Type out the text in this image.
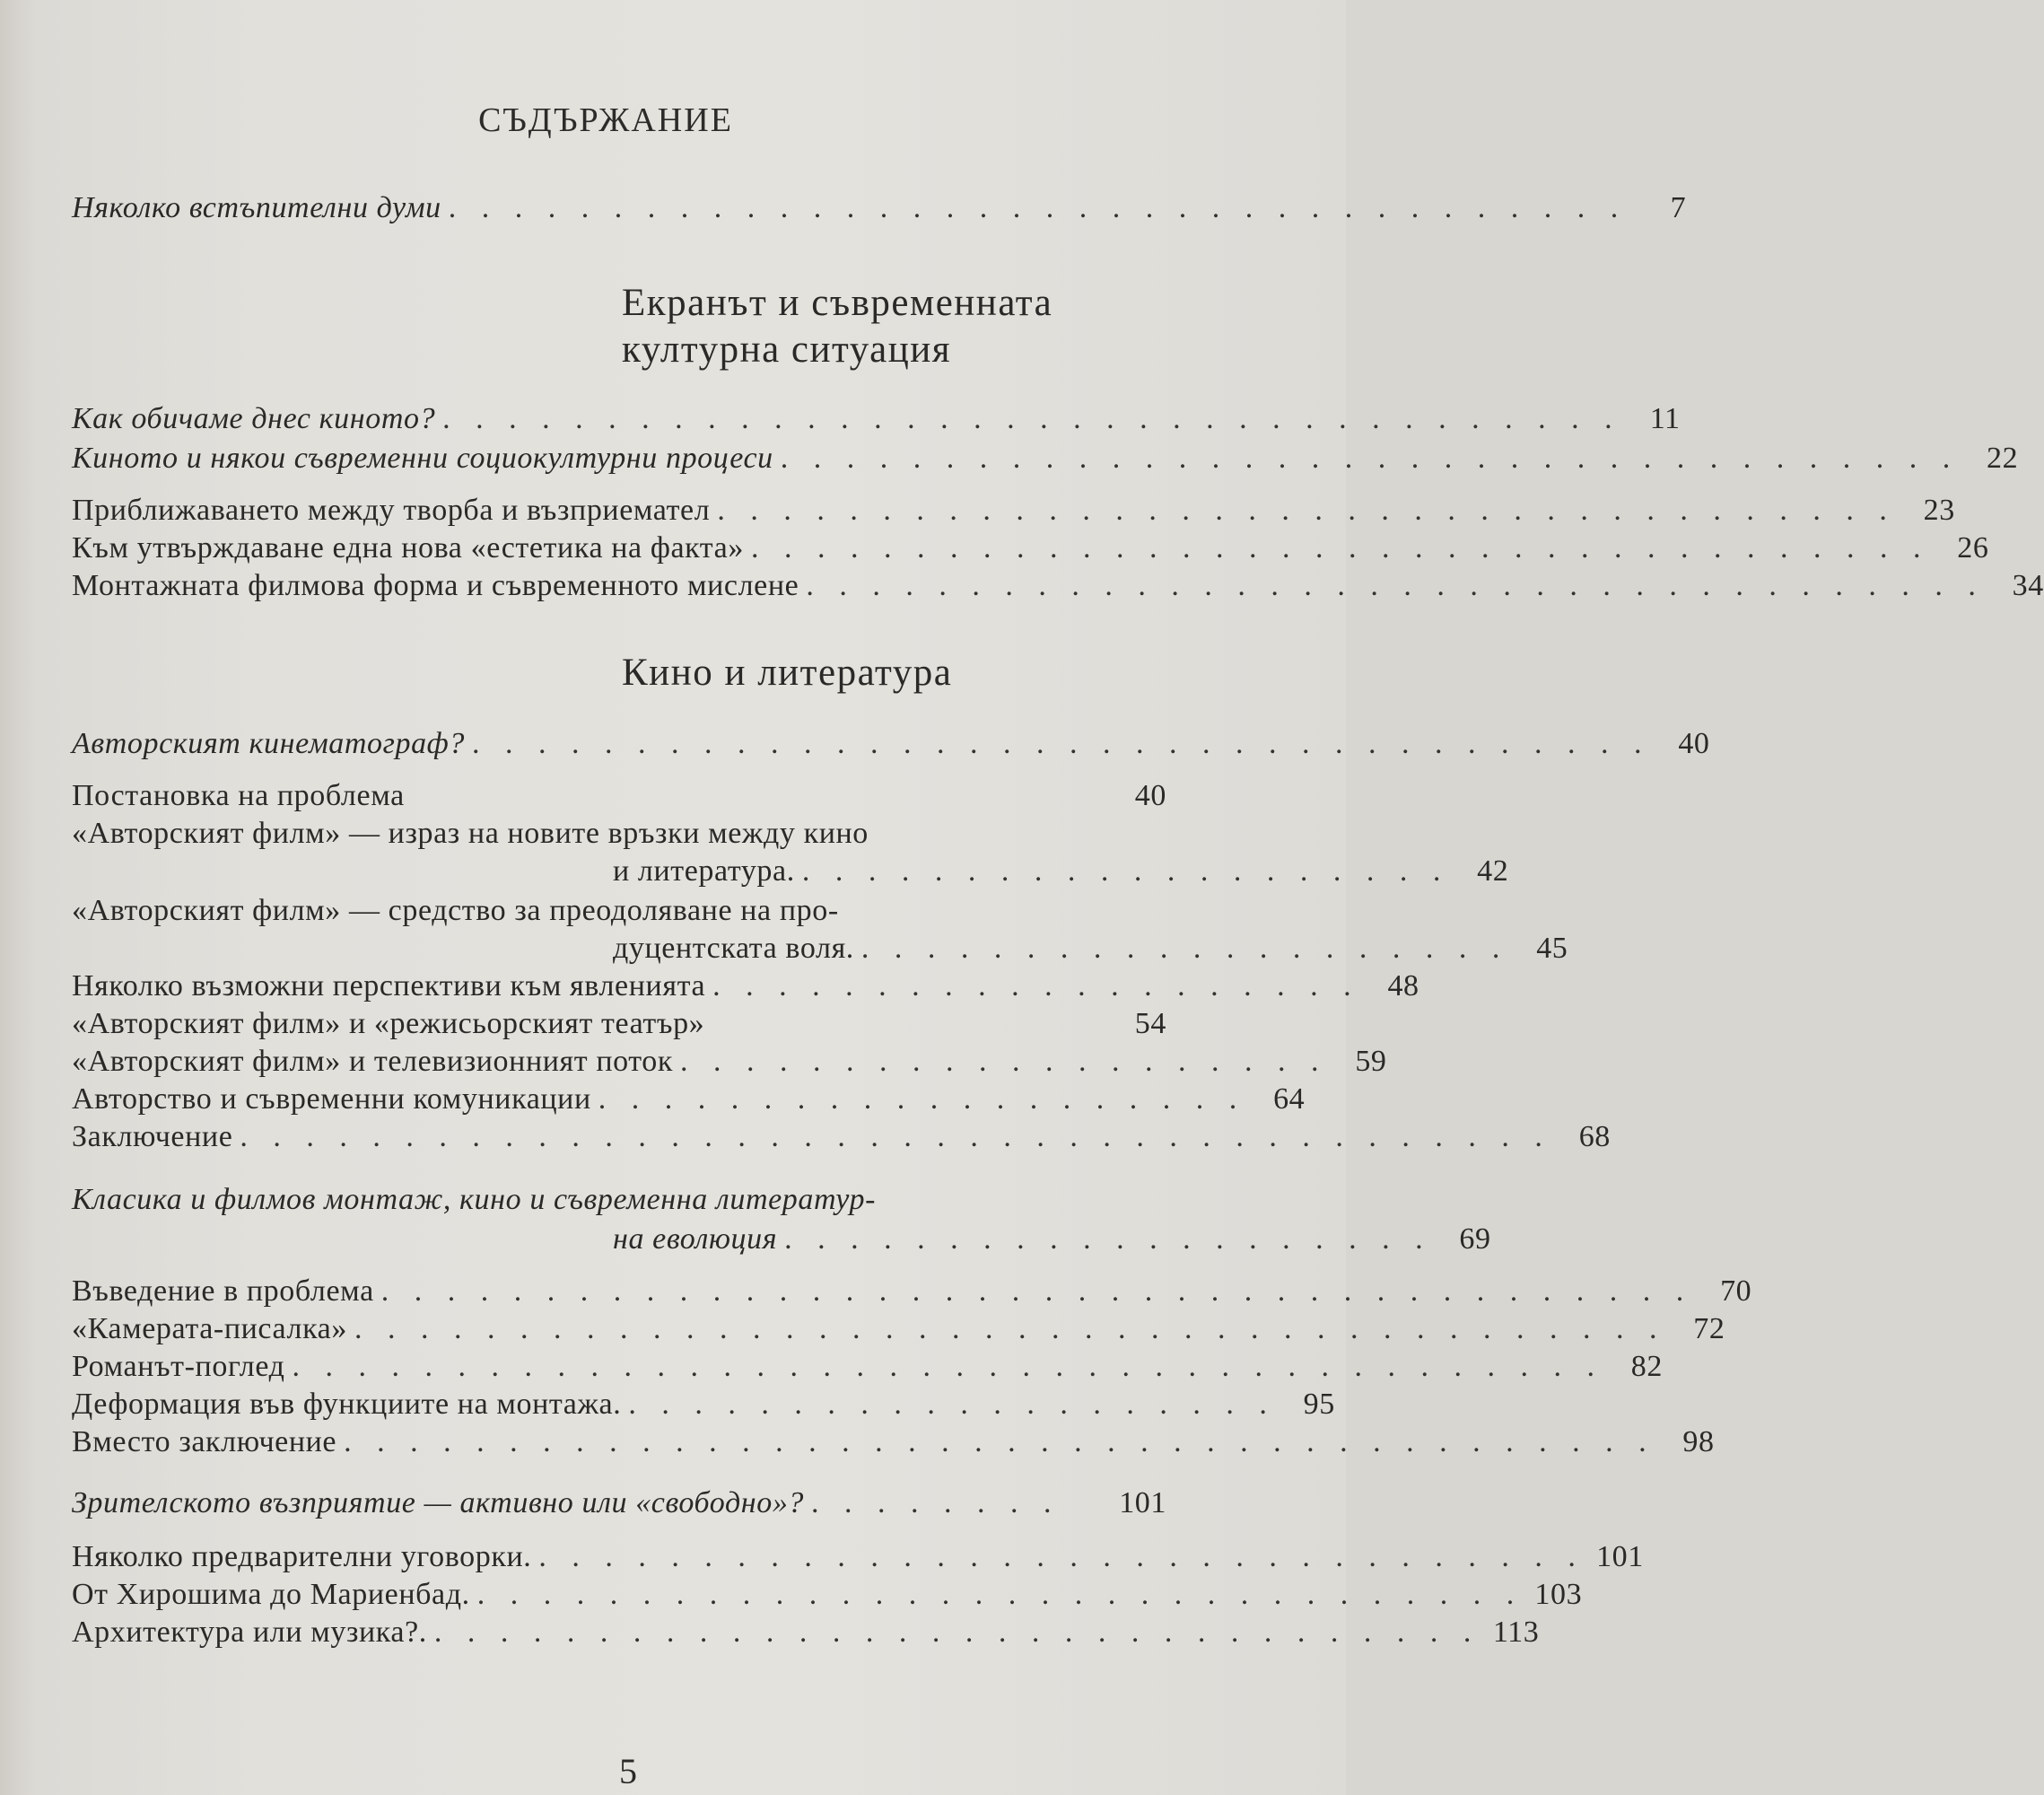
СЪДЪРЖАНИЕ
Няколко встъпителни думи . . . . . . . . . . . . . . . . . . . . . . . . . . . . . . . . . . . .	7
Екранът и съвременната
културна ситуация
Как обичаме днес киното? . . . . . . . . . . . . . . . . . . . . . . . . . . . . . . . . . . . . 11
Киното и някои съвременни социокултурни процеси . . . . . . . . . . . . . . . . . . . . . . . . . . . . . . . . . . . . 22
Приближаването между творба и възприемател . . . . . . . . . . . . . . . . . . . . . . . . . . . . . . . . . . . . 23
Към утвърждаване една нова «естетика на факта» . . . . . . . . . . . . . . . . . . . . . . . . . . . . . . . . . . . . 26
Монтажната филмова форма и съвременното мислене . . . . . . . . . . . . . . . . . . . . . . . . . . . . . . . . . . . . 34
Кино и литература
Авторският кинематограф? . . . . . . . . . . . . . . . . . . . . . . . . . . . . . . . . . . . . 40
Постановка на проблема	40
«Авторският филм» — израз на новите връзки между кино
и литература. . . . . . . . . . . . . . . . . . . . . 42
«Авторският филм» — средство за преодоляване на про-
дуцентската воля. . . . . . . . . . . . . . . . . . . . . 45
Няколко възможни перспективи към явленията . . . . . . . . . . . . . . . . . . . . 48
«Авторският филм» и «режисьорският театър»	54
«Авторският филм» и телевизионният поток . . . . . . . . . . . . . . . . . . . . 59
Авторство и съвременни комуникации . . . . . . . . . . . . . . . . . . . . 64
Заключение . . . . . . . . . . . . . . . . . . . . . . . . . . . . . . . . . . . . . . . . 68
Класика и филмов монтаж, кино и съвременна литератур-
на еволюция . . . . . . . . . . . . . . . . . . . . 69
Въведение в проблема . . . . . . . . . . . . . . . . . . . . . . . . . . . . . . . . . . . . . . . . 70
«Камерата-писалка» . . . . . . . . . . . . . . . . . . . . . . . . . . . . . . . . . . . . . . . . 72
Романът-поглед . . . . . . . . . . . . . . . . . . . . . . . . . . . . . . . . . . . . . . . . 82
Деформация във функциите на монтажа. . . . . . . . . . . . . . . . . . . . . 95
Вместо заключение . . . . . . . . . . . . . . . . . . . . . . . . . . . . . . . . . . . . . . . . 98
Зрителското възприятие — активно или «свободно»? . . . . . . . .	101
Няколко предварителни уговорки. . . . . . . . . . . . . . . . . . . . . . . . . . . . . . . . . 101
От Хирошима до Мариенбад. . . . . . . . . . . . . . . . . . . . . . . . . . . . . . . . . 103
Архитектура или музика?. . . . . . . . . . . . . . . . . . . . . . . . . . . . . . . . . 113
5
